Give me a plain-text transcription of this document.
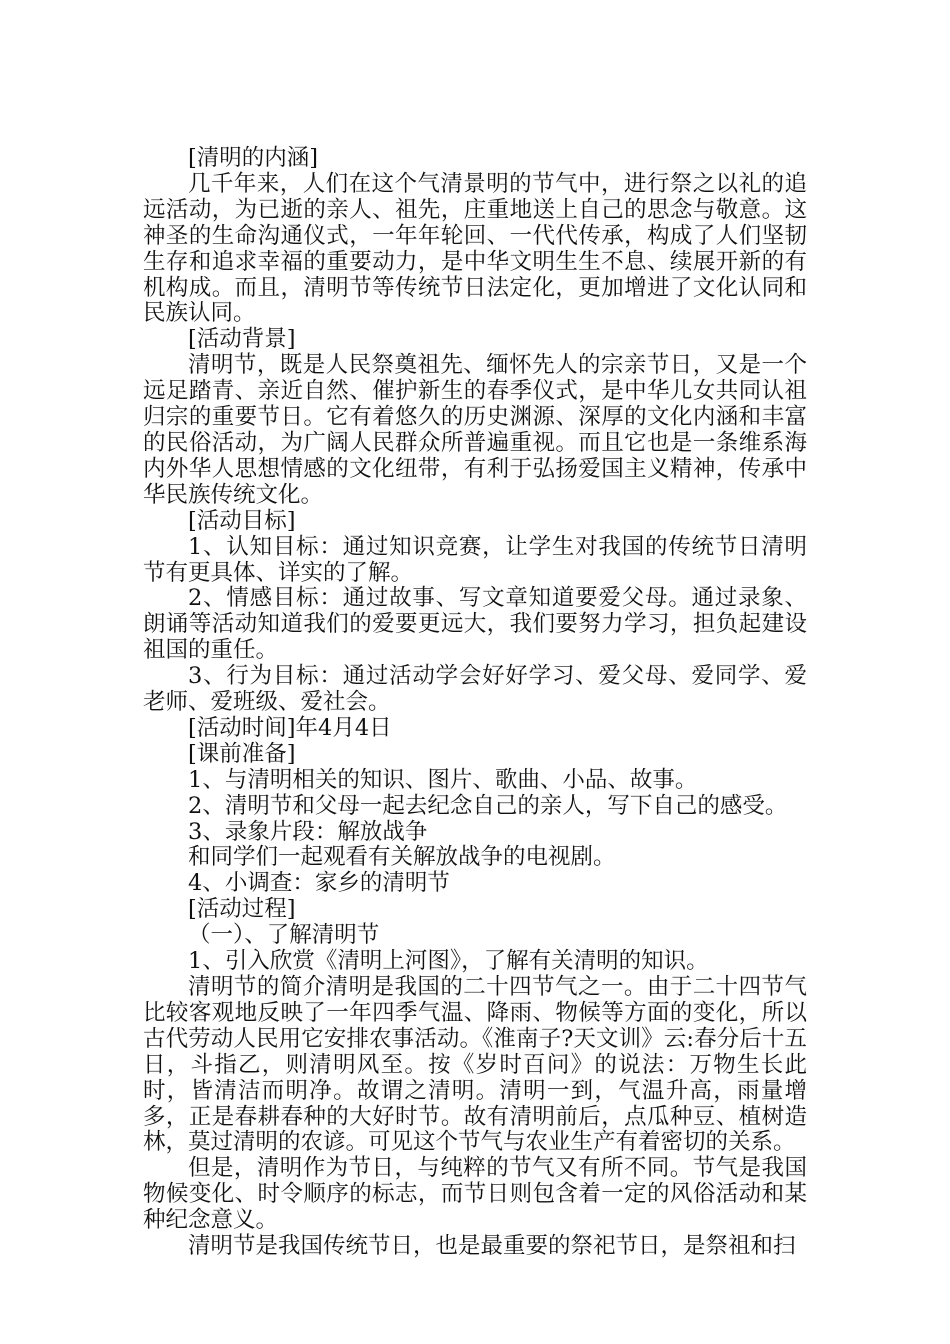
[清明的内涵]
几千年来，人们在这个气清景明的节气中，进行祭之以礼的追远活动，为已逝的亲人、祖先，庄重地送上自己的思念与敬意。这神圣的生命沟通仪式，一年年轮回、一代代传承，构成了人们坚韧生存和追求幸福的重要动力，是中华文明生生不息、续展开新的有机构成。而且，清明节等传统节日法定化，更加增进了文化认同和民族认同。
[活动背景]
清明节，既是人民祭奠祖先、缅怀先人的宗亲节日，又是一个远足踏青、亲近自然、催护新生的春季仪式，是中华儿女共同认祖归宗的重要节日。它有着悠久的历史渊源、深厚的文化内涵和丰富的民俗活动，为广阔人民群众所普遍重视。而且它也是一条维系海内外华人思想情感的文化纽带，有利于弘扬爱国主义精神，传承中华民族传统文化。
[活动目标]
1、认知目标：通过知识竞赛，让学生对我国的传统节日清明节有更具体、详实的了解。
2、情感目标：通过故事、写文章知道要爱父母。通过录象、朗诵等活动知道我们的爱要更远大，我们要努力学习，担负起建设祖国的重任。
3、行为目标：通过活动学会好好学习、爱父母、爱同学、爱老师、爱班级、爱社会。
[活动时间]年4月4日
[课前准备]
1、与清明相关的知识、图片、歌曲、小品、故事。
2、清明节和父母一起去纪念自己的亲人，写下自己的感受。
3、录象片段：解放战争
和同学们一起观看有关解放战争的电视剧。
4、小调查：家乡的清明节
[活动过程]
（一）、了解清明节
1、引入欣赏《清明上河图》，了解有关清明的知识。
清明节的简介清明是我国的二十四节气之一。由于二十四节气比较客观地反映了一年四季气温、降雨、物候等方面的变化，所以古代劳动人民用它安排农事活动。《淮南子?天文训》云:春分后十五日，斗指乙，则清明风至。按《岁时百问》的说法：万物生长此时，皆清洁而明净。故谓之清明。清明一到，气温升高，雨量增多，正是春耕春种的大好时节。故有清明前后，点瓜种豆、植树造林，莫过清明的农谚。可见这个节气与农业生产有着密切的关系。
但是，清明作为节日，与纯粹的节气又有所不同。节气是我国物候变化、时令顺序的标志，而节日则包含着一定的风俗活动和某种纪念意义。
清明节是我国传统节日，也是最重要的祭祀节日，是祭祖和扫
